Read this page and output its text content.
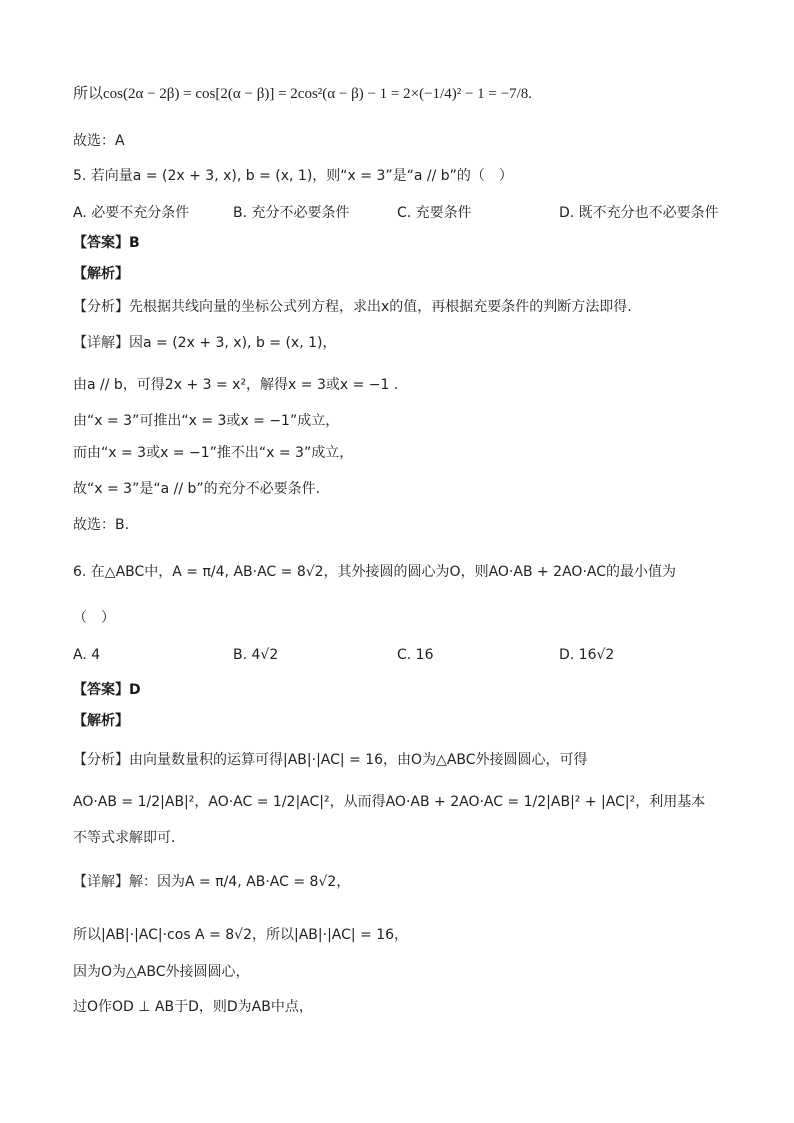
所以cos(2α − 2β) = cos[2(α − β)] = 2cos²(α − β) − 1 = 2×(−1/4)² − 1 = −7/8.
故选：A
5. 若向量a = (2x + 3, x), b = (x, 1)，则“x = 3”是“a // b”的（　）
A. 必要不充分条件	B. 充分不必要条件	C. 充要条件	D. 既不充分也不必要条件
【答案】B
【解析】
【分析】先根据共线向量的坐标公式列方程，求出x的值，再根据充要条件的判断方法即得.
【详解】因a = (2x + 3, x), b = (x, 1)，
由a // b，可得2x + 3 = x²，解得x = 3或x = −1 .
由“x = 3”可推出“x = 3或x = −1”成立，
而由“x = 3或x = −1”推不出“x = 3”成立，
故“x = 3”是“a // b”的充分不必要条件.
故选：B.
6. 在△ABC中，A = π/4, AB·AC = 8√2，其外接圆的圆心为O，则AO·AB + 2AO·AC的最小值为
（　）
A. 4	B. 4√2	C. 16	D. 16√2
【答案】D
【解析】
【分析】由向量数量积的运算可得|AB|·|AC| = 16，由O为△ABC外接圆圆心，可得
AO·AB = 1/2|AB|²，AO·AC = 1/2|AC|²，从而得AO·AB + 2AO·AC = 1/2|AB|² + |AC|²，利用基本
不等式求解即可.
【详解】解：因为A = π/4, AB·AC = 8√2，
所以|AB|·|AC|·cos A = 8√2，所以|AB|·|AC| = 16，
因为O为△ABC外接圆圆心，
过O作OD ⊥ AB于D，则D为AB中点，
